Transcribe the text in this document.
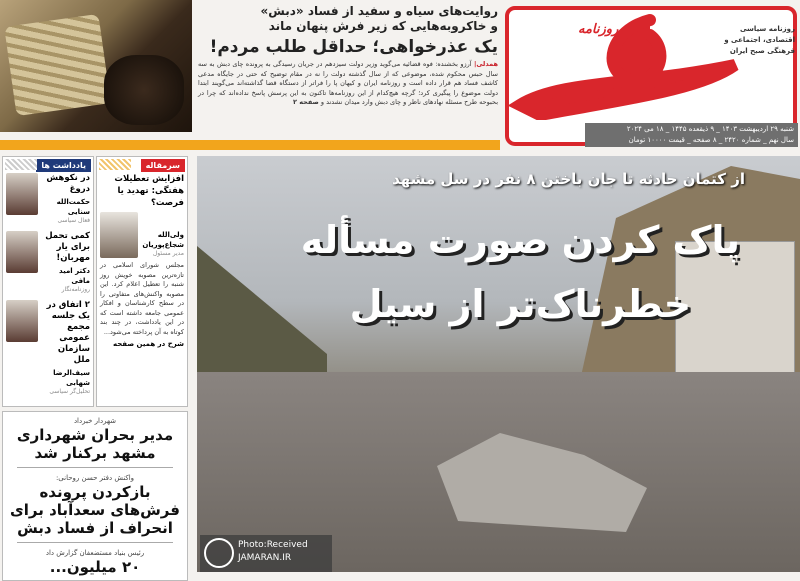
روایت‌های سیاه و سفید از فساد «دبش»
و خاکروبه‌هایی که زیر فرش پنهان ماند
یک عذرخواهی؛ حداقل طلب مردم!
همدلی| آرزو بخشنده: فوه قضائیه می‌گوید وزیر دولت سیزدهم در جریان رسیدگی به پرونده چای دبش به سه سال حبس محکوم شده، موضوعی که از سال گذشته دولت را نه در مقام توضیح که حتی در جایگاه مدعی کاشف فساد هم قرار داده است و روزنامه ایران و کیهان پا را فراتر از دستگاه قضا گذاشته‌اند می‌گویند ابتدا دولت موضوع را پیگیری کرد؛ گرچه هیچ‌کدام از این روزنامه‌ها تاکنون به این پرسش پاسخ نداده‌اند که چرا در بحبوحه طرح مسئله نهادهای ناظر و چای دبش وارد میدان نشدند و صفحه ۲
روزنامه	روزنامه سیاسی اقتصادی، اجتماعی و فرهنگی صبح ایران
شنبه ۲۹ اردیبهشت ۱۴۰۳ _ ۹ ذیقعده ۱۴۴۵ _ ۱۸ می ۲۰۲۴
سال نهم _ شماره ۲۴۲۰ _ ۸ صفحه _ قیمت ۱۰۰۰۰ تومان
سرمقاله
افزایش تعطیلات هفتگی: تهدید یا فرصت؟
ولی‌الله شجاع‌پوریان
مدیر مسئول
مجلس شورای اسلامی در تازه‌ترین مصوبه خویش روز شنبه را تعطیل اعلام کرد. این مصوبه واکنش‌های متفاوتی را در سطح کارشناسان و افکار عمومی جامعه داشته است که در این یادداشت، در چند بند کوتاه به آن پرداخته می‌شود...
شرح در همین صفحه
یادداشت ها
در نکوهش دروغ
حکمت‌الله سنایی
فعال سیاسی
کمی تحمل برای یار مهربان!
دکتر امید مافی
روزنامه‌نگار
۲ اتفاق در یک جلسه مجمع عمومی سازمان ملل
سیف‌الرضا شهابی
تحلیل‌گر سیاسی
شهردار خبرداد
مدیر بحران شهرداری مشهد برکنار شد
واکنش دفتر حسن روحانی:
بازکردن پرونده فرش‌های سعدآباد برای انحراف از فساد دبش
رئیس بنیاد مستضعفان گزارش داد
۲۰ میلیون...
از کتمان حادثه تا جان باختن ۸ نفر در سل مشهد
پاک کردن صورت مسأله
خطرناک‌تر از سیل
Photo:Received
JAMARAN.IR
